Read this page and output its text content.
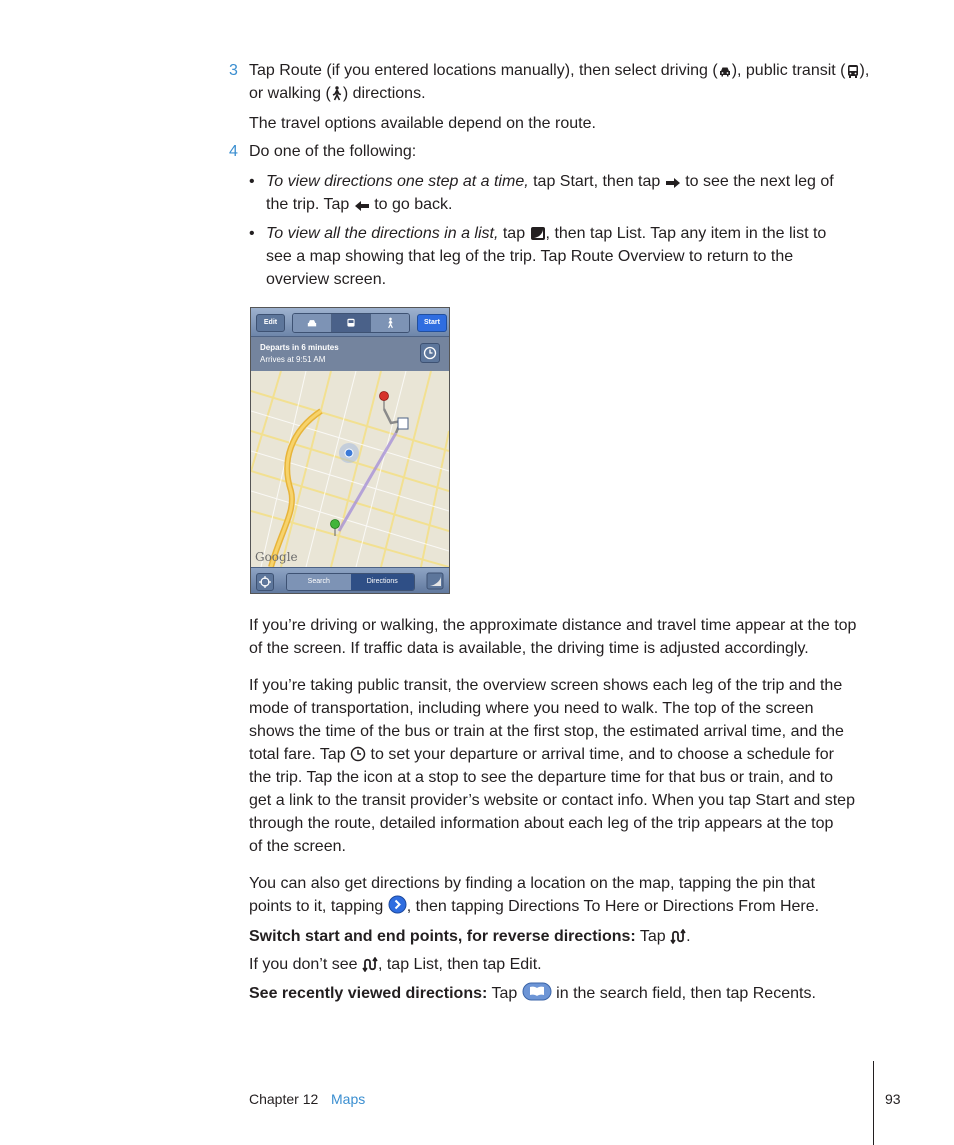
3 Tap Route (if you entered locations manually), then select driving ( ), public transit ( ),
or walking ( ) directions.
The travel options available depend on the route.
4 Do one of the following:
• To view directions one step at a time, tap Start, then tap  to see the next leg of
the trip. Tap  to go back.
• To view all the directions in a list, tap , then tap List. Tap any item in the list to
see a map showing that leg of the trip. Tap Route Overview to return to the
overview screen.
Edit	Start
Departs in 6 minutes
Arrives at 9:51 AM
Google
Search	Directions
If you’re driving or walking, the approximate distance and travel time appear at the top
of the screen. If traffic data is available, the driving time is adjusted accordingly.
If you’re taking public transit, the overview screen shows each leg of the trip and the
mode of transportation, including where you need to walk. The top of the screen
shows the time of the bus or train at the first stop, the estimated arrival time, and the
total fare. Tap  to set your departure or arrival time, and to choose a schedule for
the trip. Tap the icon at a stop to see the departure time for that bus or train, and to
get a link to the transit provider’s website or contact info. When you tap Start and step
through the route, detailed information about each leg of the trip appears at the top
of the screen.
You can also get directions by finding a location on the map, tapping the pin that
points to it, tapping , then tapping Directions To Here or Directions From Here.
Switch start and end points, for reverse directions: Tap .
If you don’t see , tap List, then tap Edit.
See recently viewed directions: Tap  in the search field, then tap Recents.
Chapter 12 Maps	93
